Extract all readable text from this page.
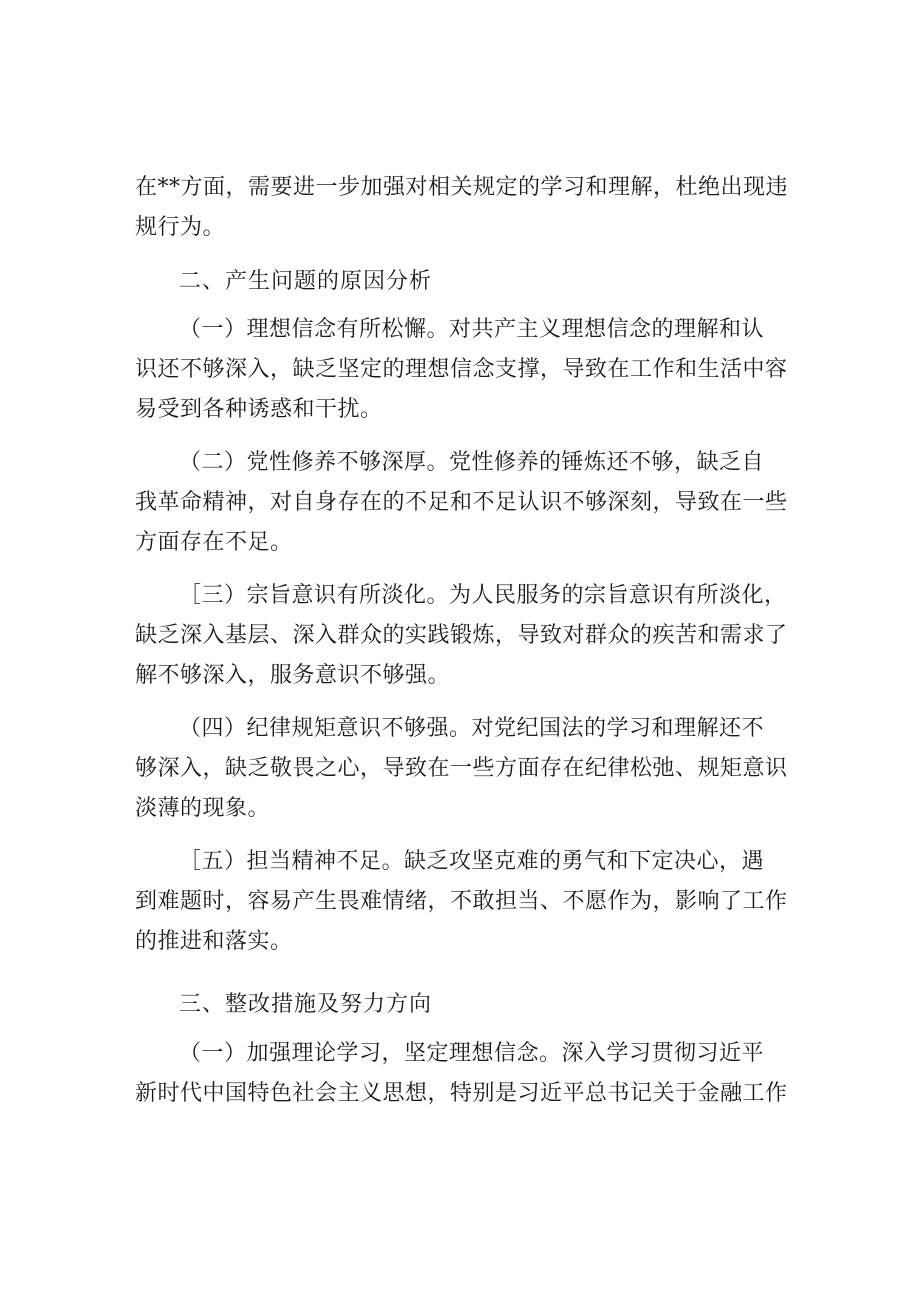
在**方面，需要进一步加强对相关规定的学习和理解，杜绝出现违
规行为。
二、产生问题的原因分析
（一）理想信念有所松懈。对共产主义理想信念的理解和认
识还不够深入，缺乏坚定的理想信念支撑，导致在工作和生活中容
易受到各种诱惑和干扰。
（二）党性修养不够深厚。党性修养的锤炼还不够，缺乏自
我革命精神，对自身存在的不足和不足认识不够深刻，导致在一些
方面存在不足。
［三）宗旨意识有所淡化。为人民服务的宗旨意识有所淡化，
缺乏深入基层、深入群众的实践锻炼，导致对群众的疾苦和需求了
解不够深入，服务意识不够强。
（四）纪律规矩意识不够强。对党纪国法的学习和理解还不
够深入，缺乏敬畏之心，导致在一些方面存在纪律松弛、规矩意识
淡薄的现象。
［五）担当精神不足。缺乏攻坚克难的勇气和下定决心，遇
到难题时，容易产生畏难情绪，不敢担当、不愿作为，影响了工作
的推进和落实。
三、整改措施及努力方向
（一）加强理论学习，坚定理想信念。深入学习贯彻习近平
新时代中国特色社会主义思想，特别是习近平总书记关于金融工作
